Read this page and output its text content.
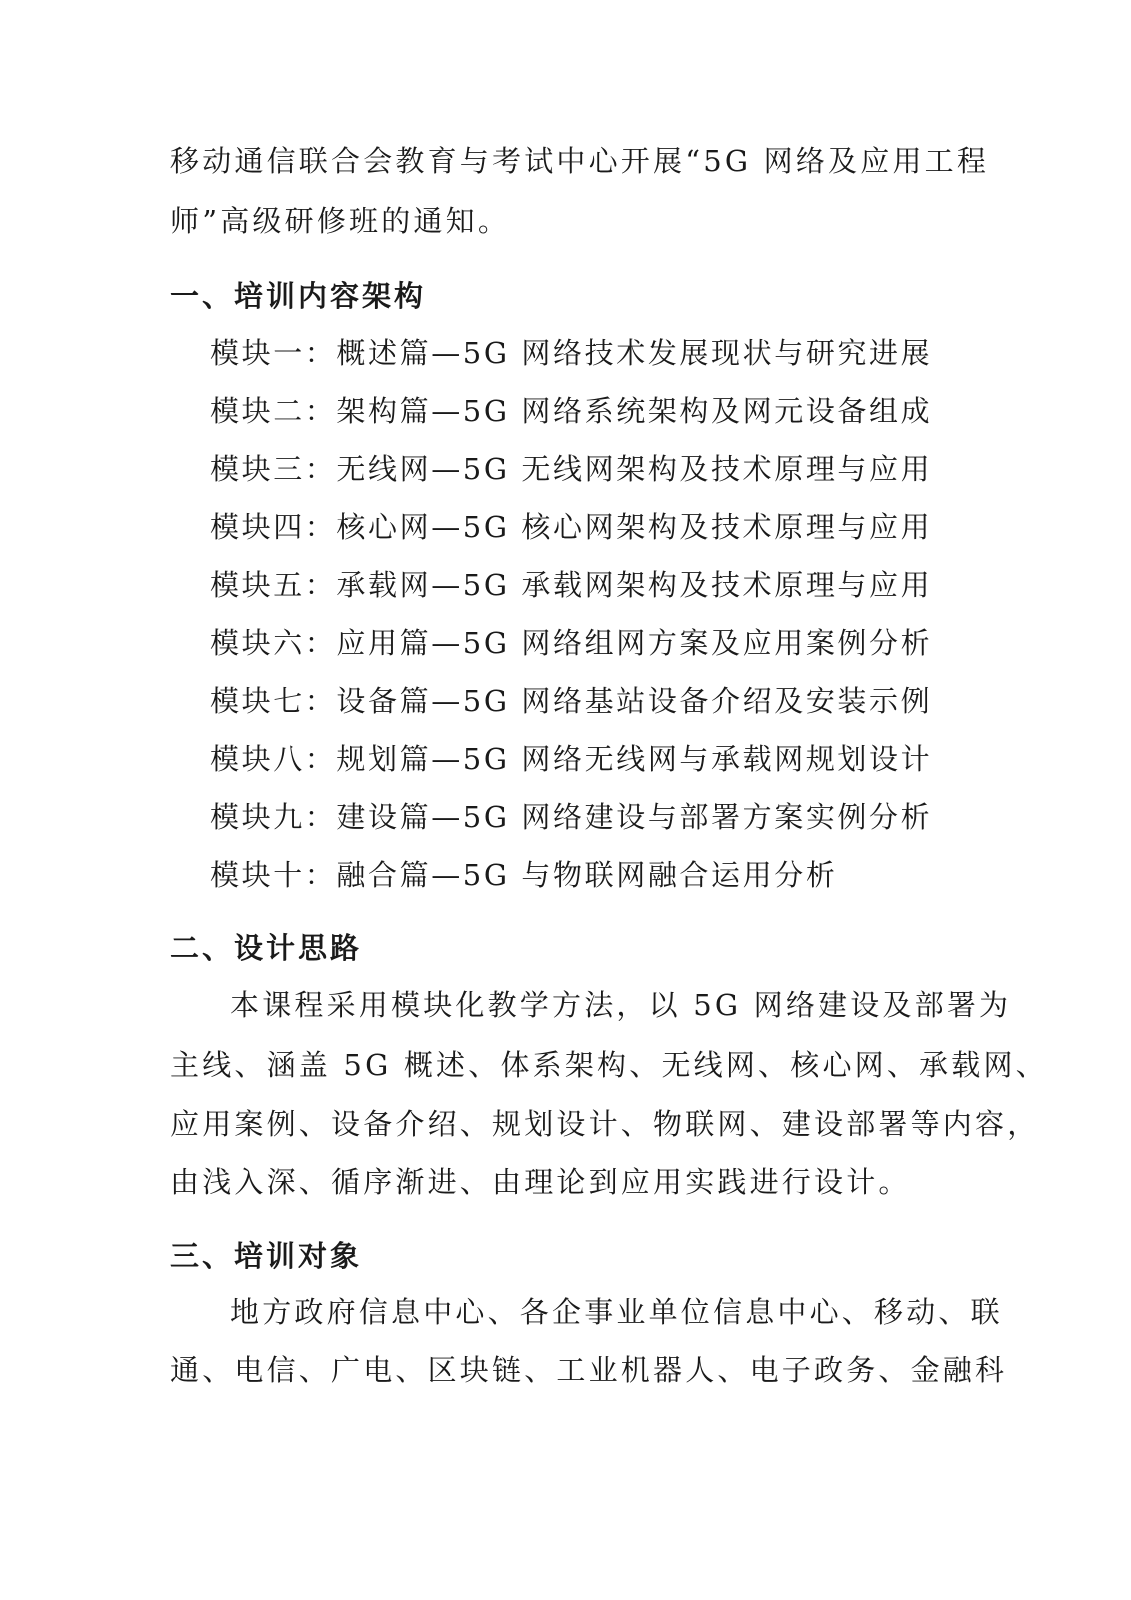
移动通信联合会教育与考试中心开展“5G 网络及应用工程
师”高级研修班的通知。
一、培训内容架构
模块一：概述篇—5G 网络技术发展现状与研究进展
模块二：架构篇—5G 网络系统架构及网元设备组成
模块三：无线网—5G 无线网架构及技术原理与应用
模块四：核心网—5G 核心网架构及技术原理与应用
模块五：承载网—5G 承载网架构及技术原理与应用
模块六：应用篇—5G 网络组网方案及应用案例分析
模块七：设备篇—5G 网络基站设备介绍及安装示例
模块八：规划篇—5G 网络无线网与承载网规划设计
模块九：建设篇—5G 网络建设与部署方案实例分析
模块十：融合篇—5G 与物联网融合运用分析
二、设计思路
本课程采用模块化教学方法，以 5G 网络建设及部署为
主线、涵盖 5G 概述、体系架构、无线网、核心网、承载网、
应用案例、设备介绍、规划设计、物联网、建设部署等内容，
由浅入深、循序渐进、由理论到应用实践进行设计。
三、培训对象
地方政府信息中心、各企事业单位信息中心、移动、联
通、电信、广电、区块链、工业机器人、电子政务、金融科
